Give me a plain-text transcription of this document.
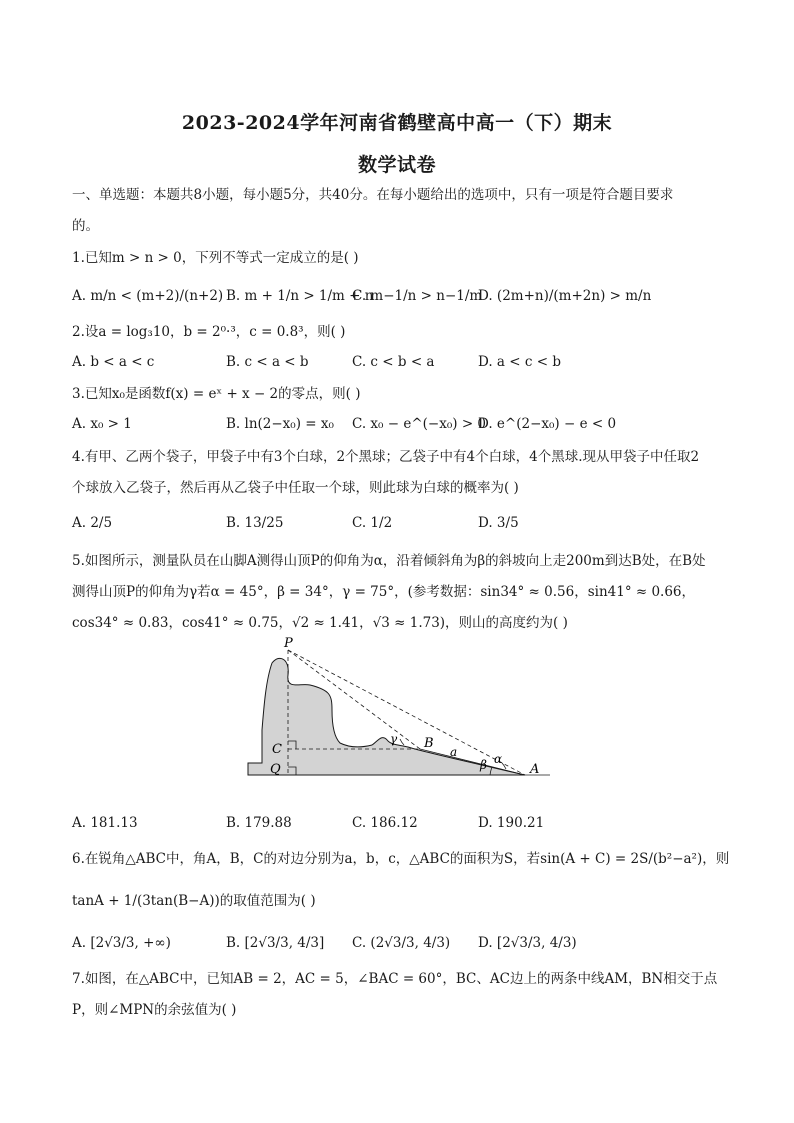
2023-2024学年河南省鹤壁高中高一（下）期末
数学试卷
一、单选题：本题共8小题，每小题5分，共40分。在每小题给出的选项中，只有一项是符合题目要求
的。
1.已知m > n > 0，下列不等式一定成立的是( )
A. m/n < (m+2)/(n+2) B. m + 1/n > 1/m + n
C. m−1/n > n−1/m
D. (2m+n)/(m+2n) > m/n
2.设a = log₃10，b = 2⁰·³，c = 0.8³，则( )
A. b < a < c	B. c < a < b	C. c < b < a	D. a < c < b
3.已知x₀是函数f(x) = eˣ + x − 2的零点，则( )
A. x₀ > 1	B. ln(2−x₀) = x₀ C. x₀ − e^(−x₀) > 0
D. e^(2−x₀) − e < 0
4.有甲、乙两个袋子，甲袋子中有3个白球，2个黑球；乙袋子中有4个白球，4个黑球.现从甲袋子中任取2
个球放入乙袋子，然后再从乙袋子中任取一个球，则此球为白球的概率为( )
A. 2/5	B. 13/25	C. 1/2	D. 3/5
5.如图所示，测量队员在山脚A测得山顶P的仰角为α，沿着倾斜角为β的斜坡向上走200m到达B处，在B处
测得山顶P的仰角为γ若α = 45°，β = 34°，γ = 75°，(参考数据：sin34° ≈ 0.56，sin41° ≈ 0.66，
cos34° ≈ 0.83，cos41° ≈ 0.75，√2 ≈ 1.41，√3 ≈ 1.73)，则山的高度约为( )
P
C
Q
B
A
a
β α
γ
A. 181.13	B. 179.88	C. 186.12	D. 190.21
6.在锐角△ABC中，角A，B，C的对边分别为a，b，c，△ABC的面积为S，若sin(A + C) = 2S/(b²−a²)，则
tanA + 1/(3tan(B−A))的取值范围为( )
A. [2√3/3, +∞)	B. [2√3/3, 4/3] C. (2√3/3, 4/3) D. [2√3/3, 4/3)
7.如图，在△ABC中，已知AB = 2，AC = 5，∠BAC = 60°，BC、AC边上的两条中线AM，BN相交于点
P，则∠MPN的余弦值为( )
